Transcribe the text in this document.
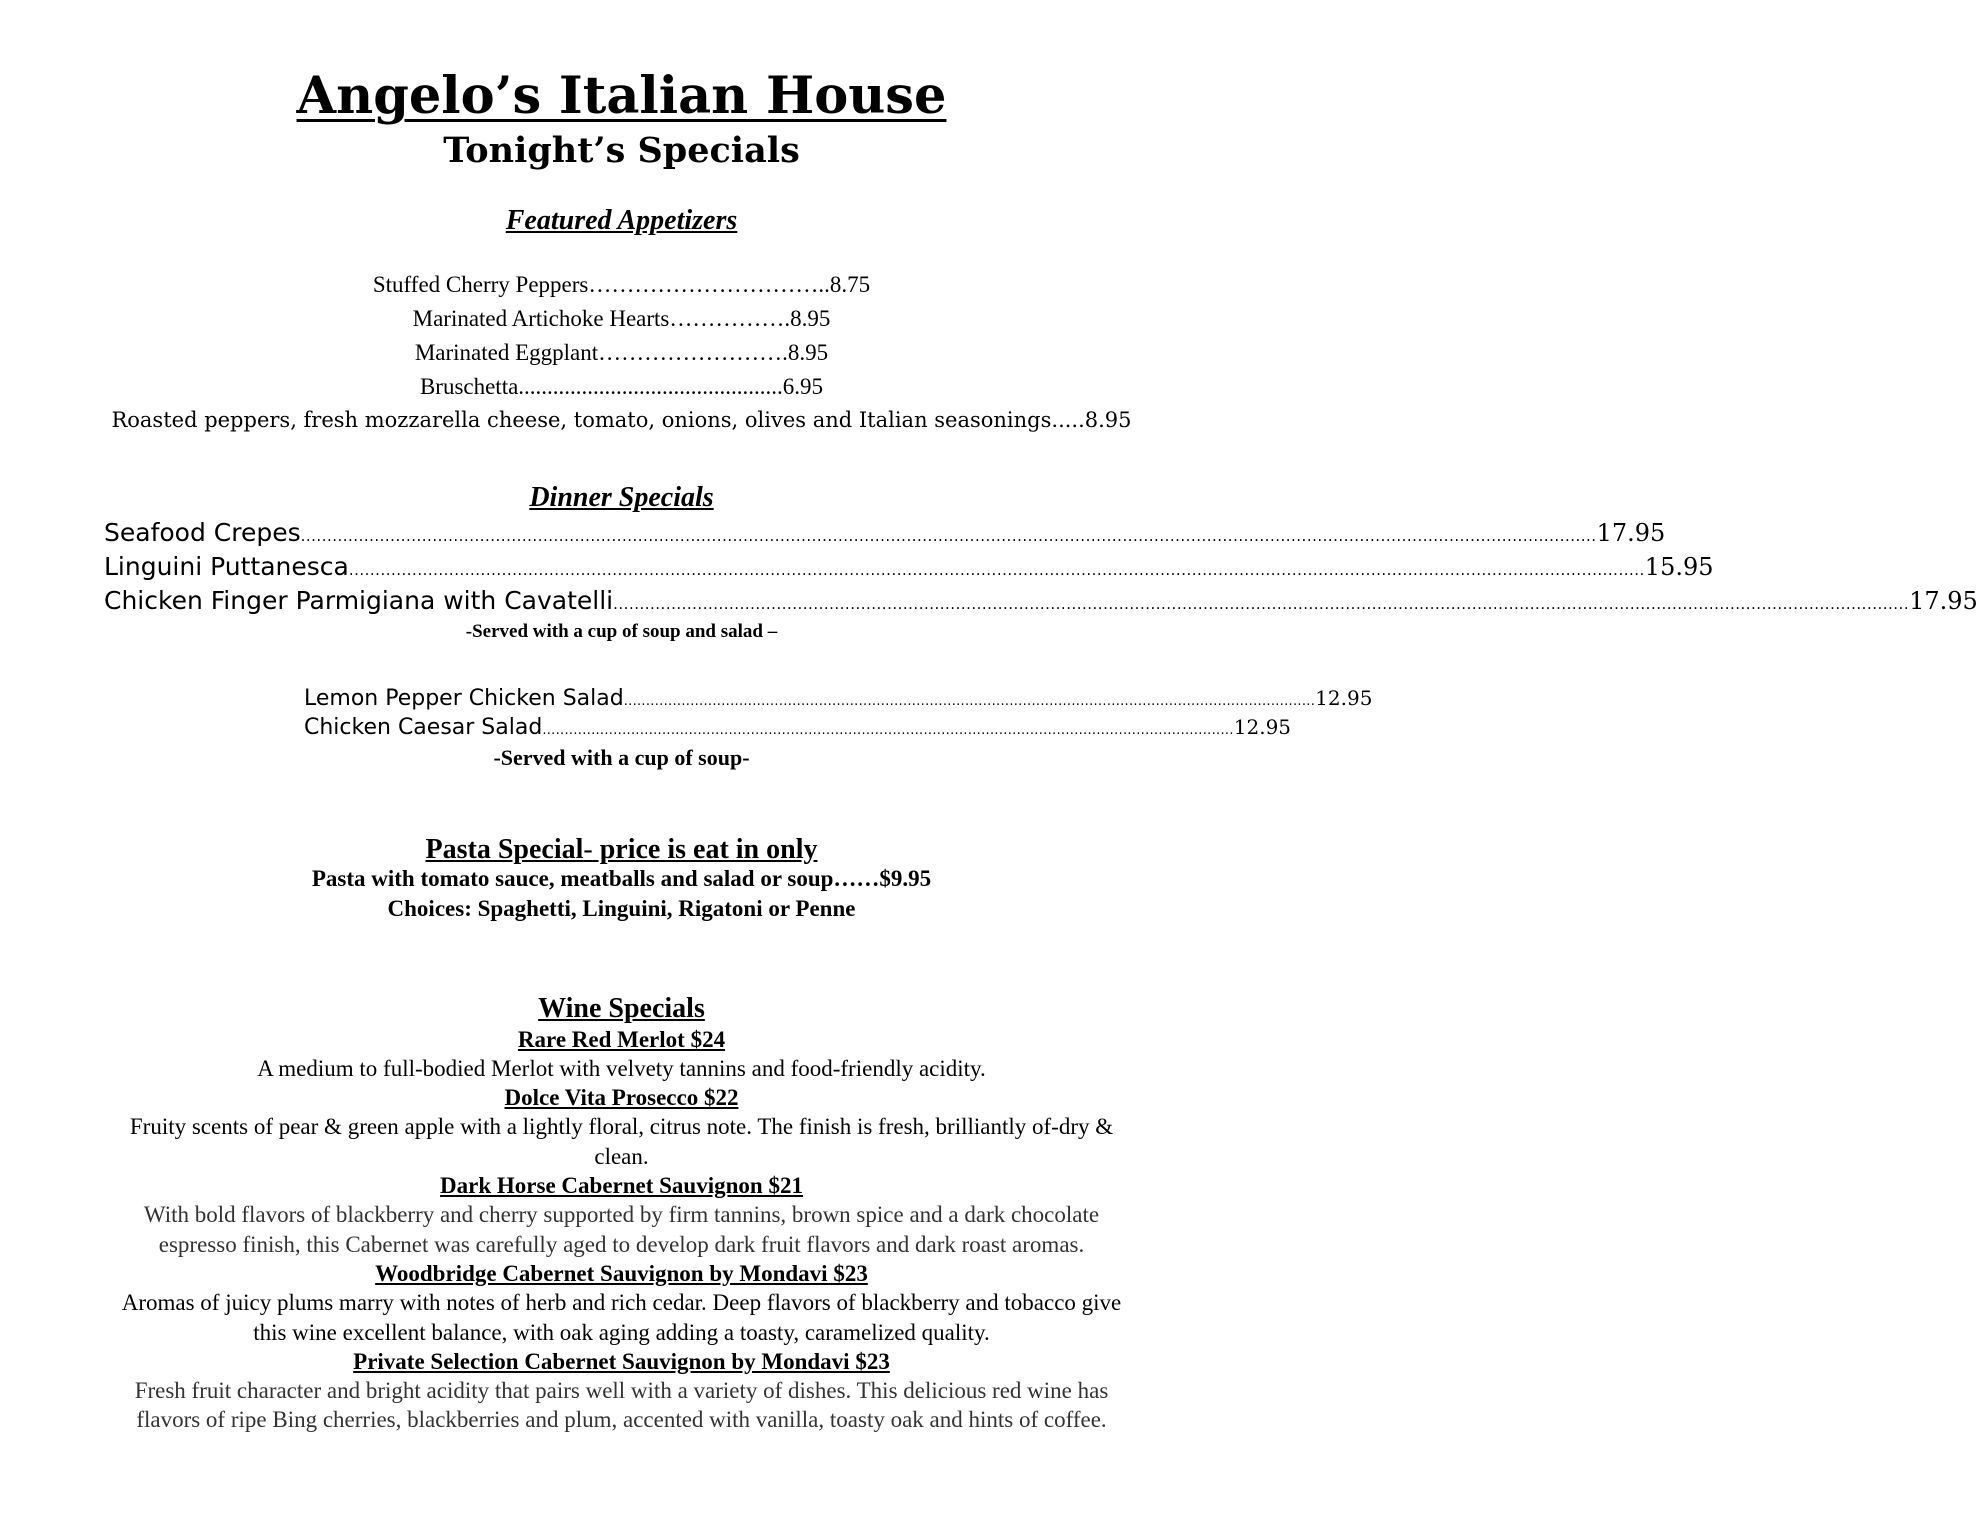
Angelo’s Italian House
Tonight’s Specials
Featured Appetizers
Stuffed Cherry Peppers…………………………..8.75
Marinated Artichoke Hearts…………….8.95
Marinated Eggplant…………………….8.95
Bruschetta..............................................6.95
Roasted peppers, fresh mozzarella cheese, tomato, onions, olives and Italian seasonings.....8.95
Dinner Specials
Seafood Crepes ...................................................................................................................................................................................................................................................... 17.95
Linguini Puttanesca ...................................................................................................................................................................................................................................................... 15.95
Chicken Finger Parmigiana with Cavatelli ...................................................................................................................................................................................................................................................... 17.95
-Served with a cup of soup and salad –
Lemon Pepper Chicken Salad ............................................................................................................................................................ 12.95
Chicken Caesar Salad ............................................................................................................................................................ 12.95
-Served with a cup of soup-
Pasta Special- price is eat in only
Pasta with tomato sauce, meatballs and salad or soup……$9.95
Choices: Spaghetti, Linguini, Rigatoni or Penne
Wine Specials
Rare Red Merlot $24
A medium to full-bodied Merlot with velvety tannins and food-friendly acidity.
Dolce Vita Prosecco $22
Fruity scents of pear & green apple with a lightly floral, citrus note. The finish is fresh, brilliantly of-dry &
clean.
Dark Horse Cabernet Sauvignon $21
With bold flavors of blackberry and cherry supported by firm tannins, brown spice and a dark chocolate
espresso finish, this Cabernet was carefully aged to develop dark fruit flavors and dark roast aromas.
Woodbridge Cabernet Sauvignon by Mondavi $23
Aromas of juicy plums marry with notes of herb and rich cedar. Deep flavors of blackberry and tobacco give
this wine excellent balance, with oak aging adding a toasty, caramelized quality.
Private Selection Cabernet Sauvignon by Mondavi $23
Fresh fruit character and bright acidity that pairs well with a variety of dishes. This delicious red wine has
flavors of ripe Bing cherries, blackberries and plum, accented with vanilla, toasty oak and hints of coffee.
